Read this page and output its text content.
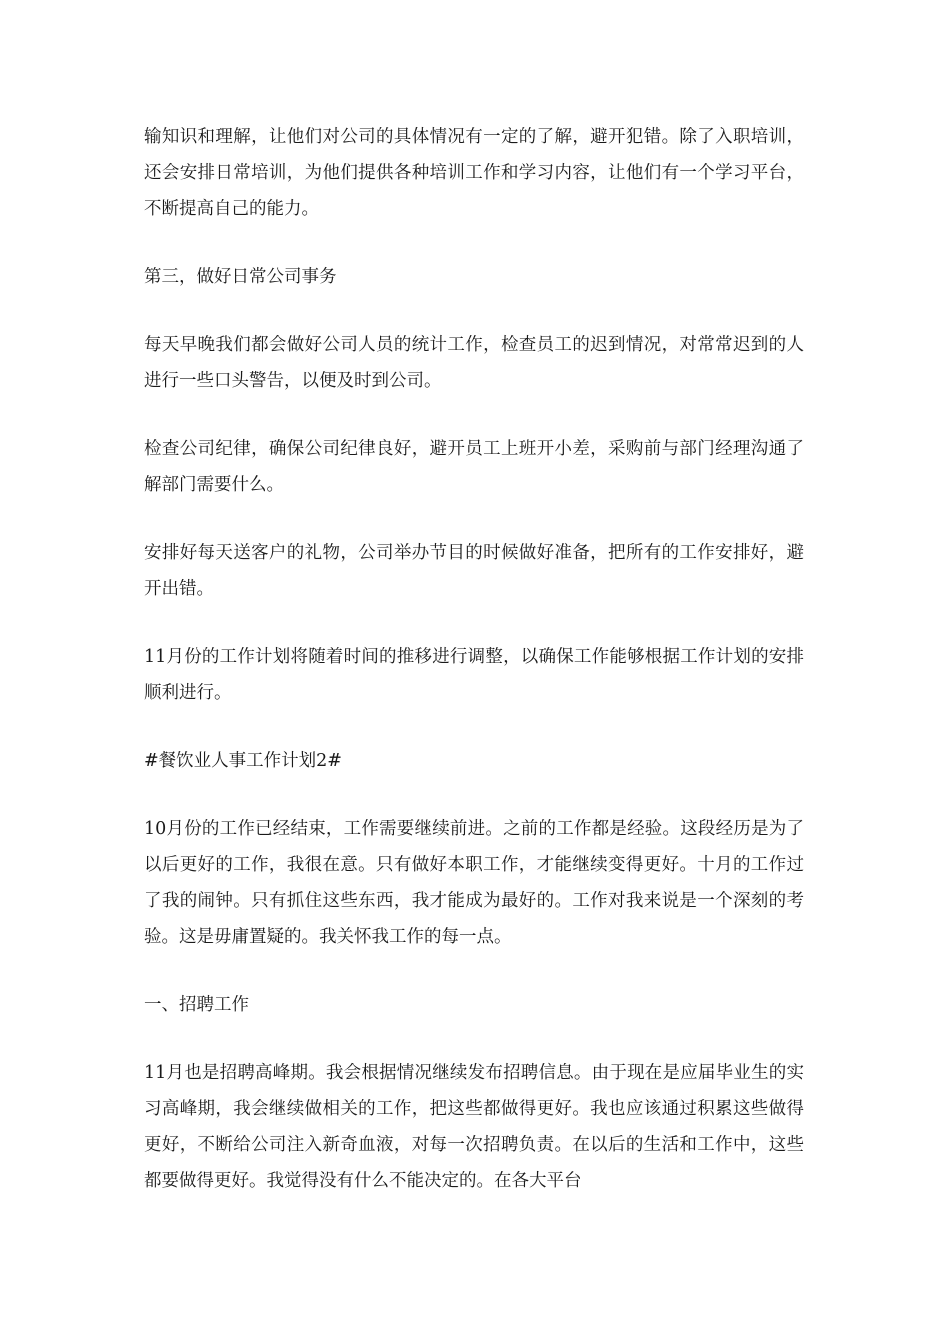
输知识和理解，让他们对公司的具体情况有一定的了解，避开犯错。除了入职培训，还会安排日常培训，为他们提供各种培训工作和学习内容，让他们有一个学习平台，不断提高自己的能力。

第三，做好日常公司事务

每天早晚我们都会做好公司人员的统计工作，检查员工的迟到情况，对常常迟到的人进行一些口头警告，以便及时到公司。

检查公司纪律，确保公司纪律良好，避开员工上班开小差，采购前与部门经理沟通了解部门需要什么。

安排好每天送客户的礼物，公司举办节目的时候做好准备，把所有的工作安排好，避开出错。

11月份的工作计划将随着时间的推移进行调整，以确保工作能够根据工作计划的安排顺利进行。

#餐饮业人事工作计划2#

10月份的工作已经结束，工作需要继续前进。之前的工作都是经验。这段经历是为了以后更好的工作，我很在意。只有做好本职工作，才能继续变得更好。十月的工作过了我的闹钟。只有抓住这些东西，我才能成为最好的。工作对我来说是一个深刻的考验。这是毋庸置疑的。我关怀我工作的每一点。

一、招聘工作

11月也是招聘高峰期。我会根据情况继续发布招聘信息。由于现在是应届毕业生的实习高峰期，我会继续做相关的工作，把这些都做得更好。我也应该通过积累这些做得更好，不断给公司注入新奇血液，对每一次招聘负责。在以后的生活和工作中，这些都要做得更好。我觉得没有什么不能决定的。在各大平台
